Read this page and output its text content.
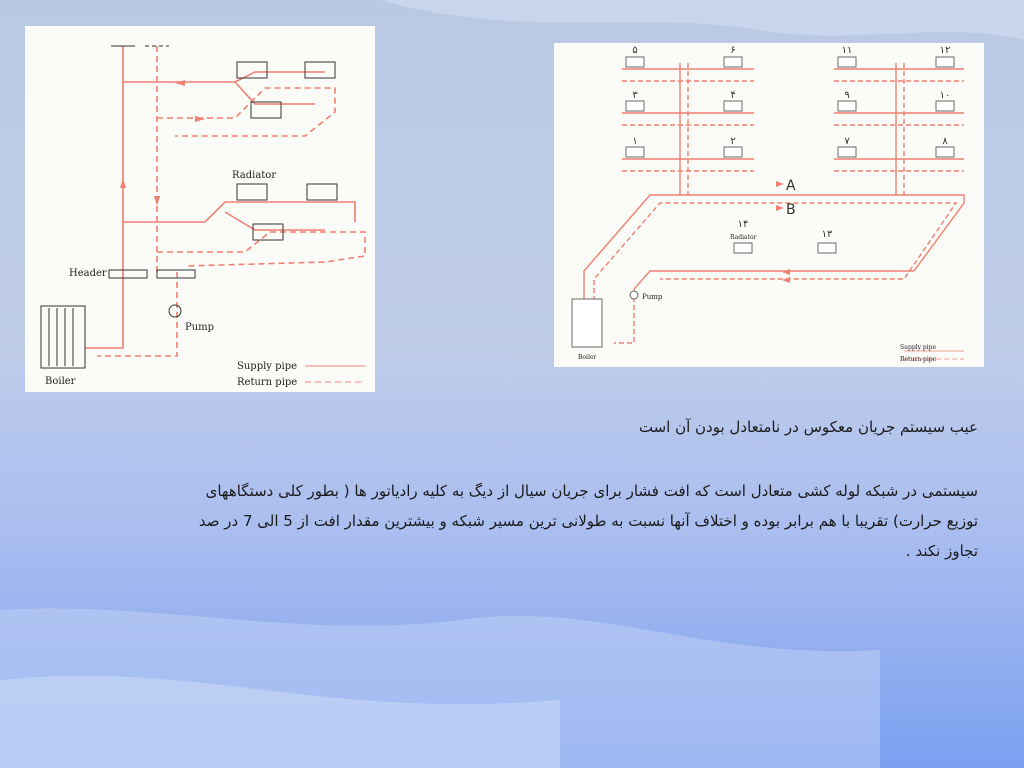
Radiator
Header
Pump
Boiler
Supply pipe
Return pipe
۵	۶	۱۱	۱۲
۳	۴	۹	۱۰
۱	۲	۷	۸
۱۴
۱۳
Radiator
A
B
Pump
Boiler
Supply pipe
Return pipe
عیب سیستم جریان معکوس در نامتعادل بودن آن است
سیستمی در شبکه لوله کشی متعادل است که افت فشار برای جریان سیال از دیگ به کلیه رادیاتور ها ( بطور کلی دستگاههای
توزیع حرارت) تقریبا با هم برابر بوده و اختلاف آنها نسبت به طولانی ترین مسیر شبکه و بیشترین مقدار افت از 5 الی 7 در صد
تجاوز نکند .
